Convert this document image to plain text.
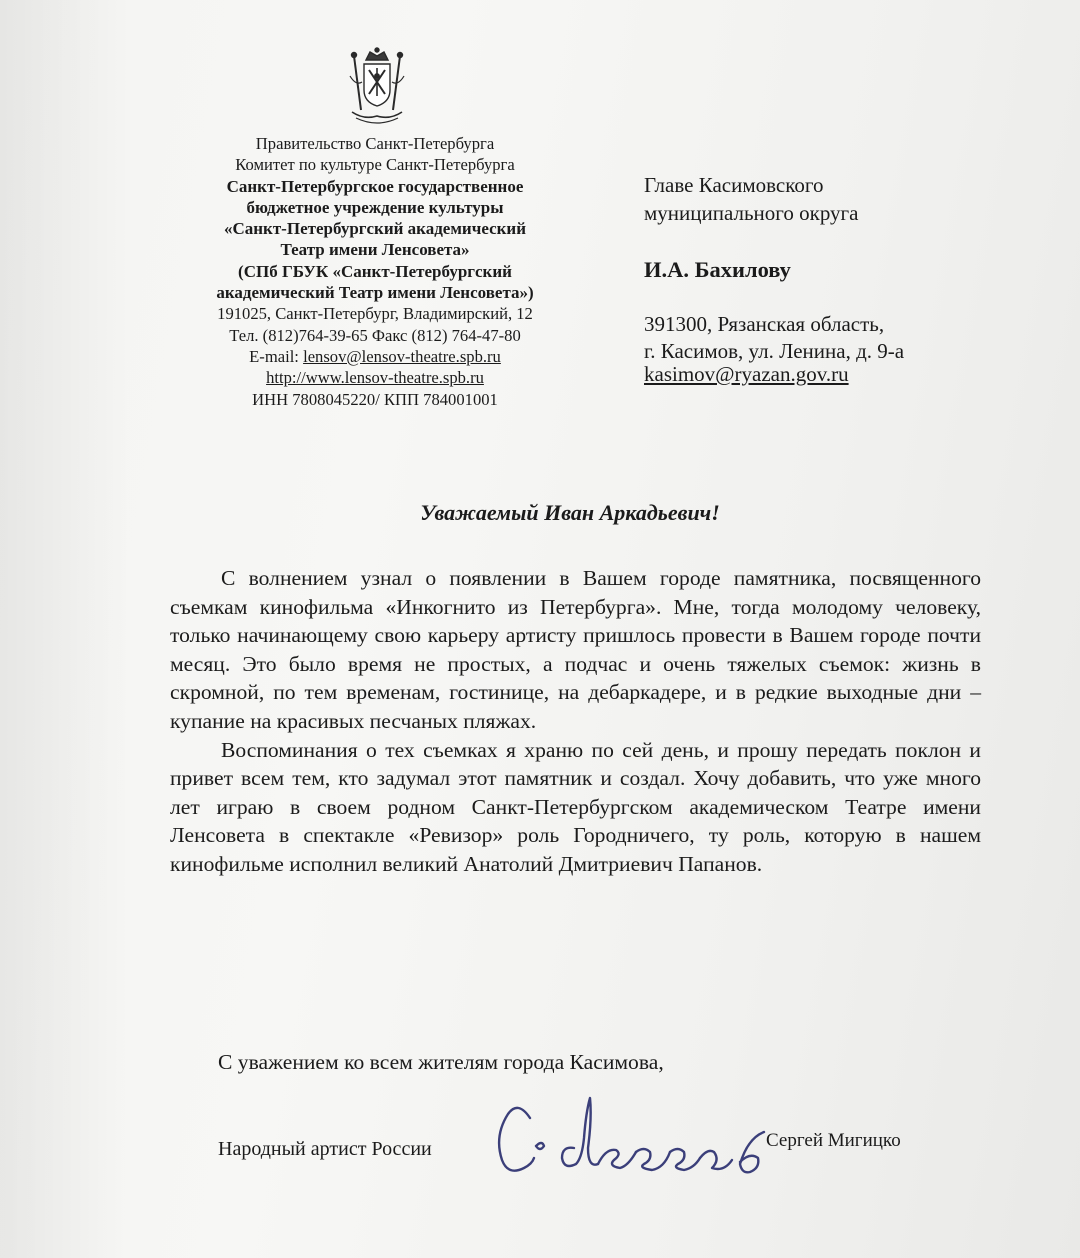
Правительство Санкт-Петербурга
Комитет по культуре Санкт-Петербурга
Санкт-Петербургское государственное
бюджетное учреждение культуры
«Санкт-Петербургский академический
Театр имени Ленсовета»
(СПб ГБУК «Санкт-Петербургский
академический Театр имени Ленсовета»)
191025, Санкт-Петербург, Владимирский, 12
Тел. (812)764-39-65 Факс (812) 764-47-80
E-mail: lensov@lensov-theatre.spb.ru
http://www.lensov-theatre.spb.ru
ИНН 7808045220/ КПП 784001001
Главе Касимовского
муниципального округа
И.А. Бахилову
391300, Рязанская область,
г. Касимов, ул. Ленина, д. 9-а
kasimov@ryazan.gov.ru
Уважаемый Иван Аркадьевич!

С волнением узнал о появлении в Вашем городе памятника, посвященного съемкам кинофильма «Инкогнито из Петербурга». Мне, тогда молодому человеку, только начинающему свою карьеру артисту пришлось провести в Вашем городе почти месяц. Это было время не простых, а подчас и очень тяжелых съемок: жизнь в скромной, по тем временам, гостинице, на дебаркадере, и в редкие выходные дни – купание на красивых песчаных пляжах.

Воспоминания о тех съемках я храню по сей день, и прошу передать поклон и привет всем тем, кто задумал этот памятник и создал. Хочу добавить, что уже много лет играю в своем родном Санкт-Петербургском академическом Театре имени Ленсовета в спектакле «Ревизор» роль Городничего, ту роль, которую в нашем кинофильме исполнил великий Анатолий Дмитриевич Папанов.

С уважением ко всем жителям города Касимова,
Народный артист России	Сергей Мигицко
